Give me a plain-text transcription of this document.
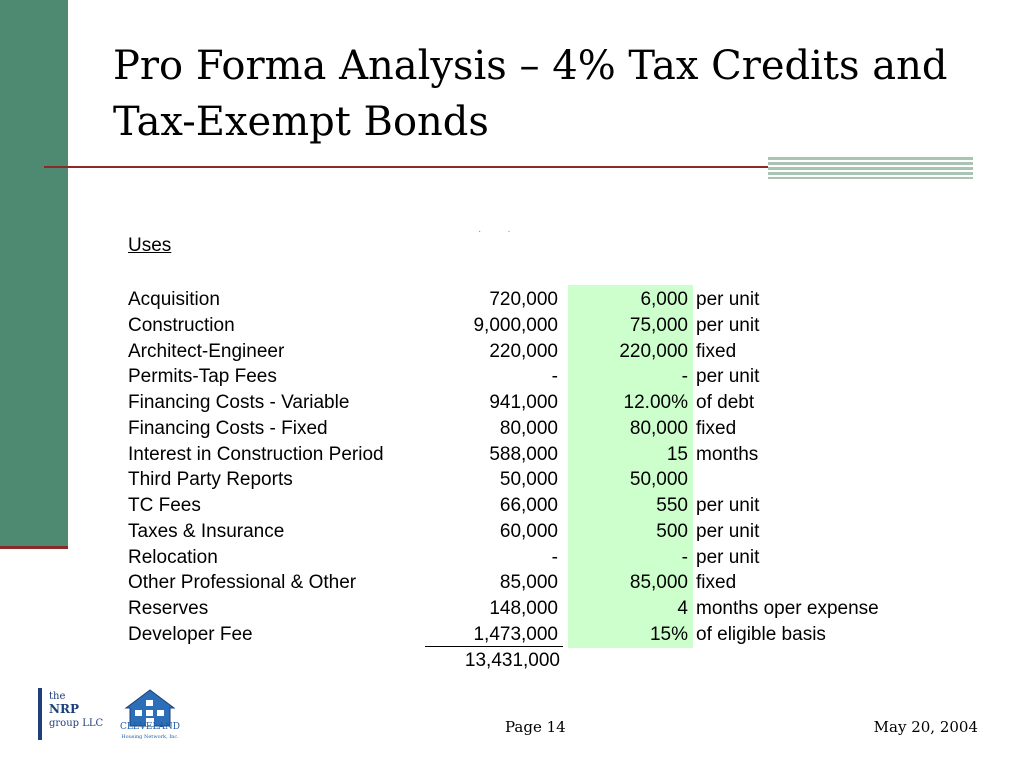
Pro Forma Analysis – 4% Tax Credits and Tax-Exempt Bonds
··
Uses
Acquisition	720,000	6,000 per unit
Construction	9,000,000	75,000 per unit
Architect-Engineer	220,000	220,000 fixed
Permits-Tap Fees	-	- per unit
Financing Costs - Variable	941,000	12.00% of debt
Financing Costs - Fixed	80,000	80,000 fixed
Interest in Construction Period	588,000	15 months
Third Party Reports	50,000	50,000
TC Fees	66,000	550 per unit
Taxes & Insurance	60,000	500 per unit
Relocation	-	- per unit
Other Professional & Other	85,000	85,000 fixed
Reserves	148,000	4 months oper expense
Developer Fee	1,473,000	15% of eligible basis
13,431,000
the
NRP
group LLC CLEVELAND
Housing Network, Inc.
Page 14	May 20, 2004
